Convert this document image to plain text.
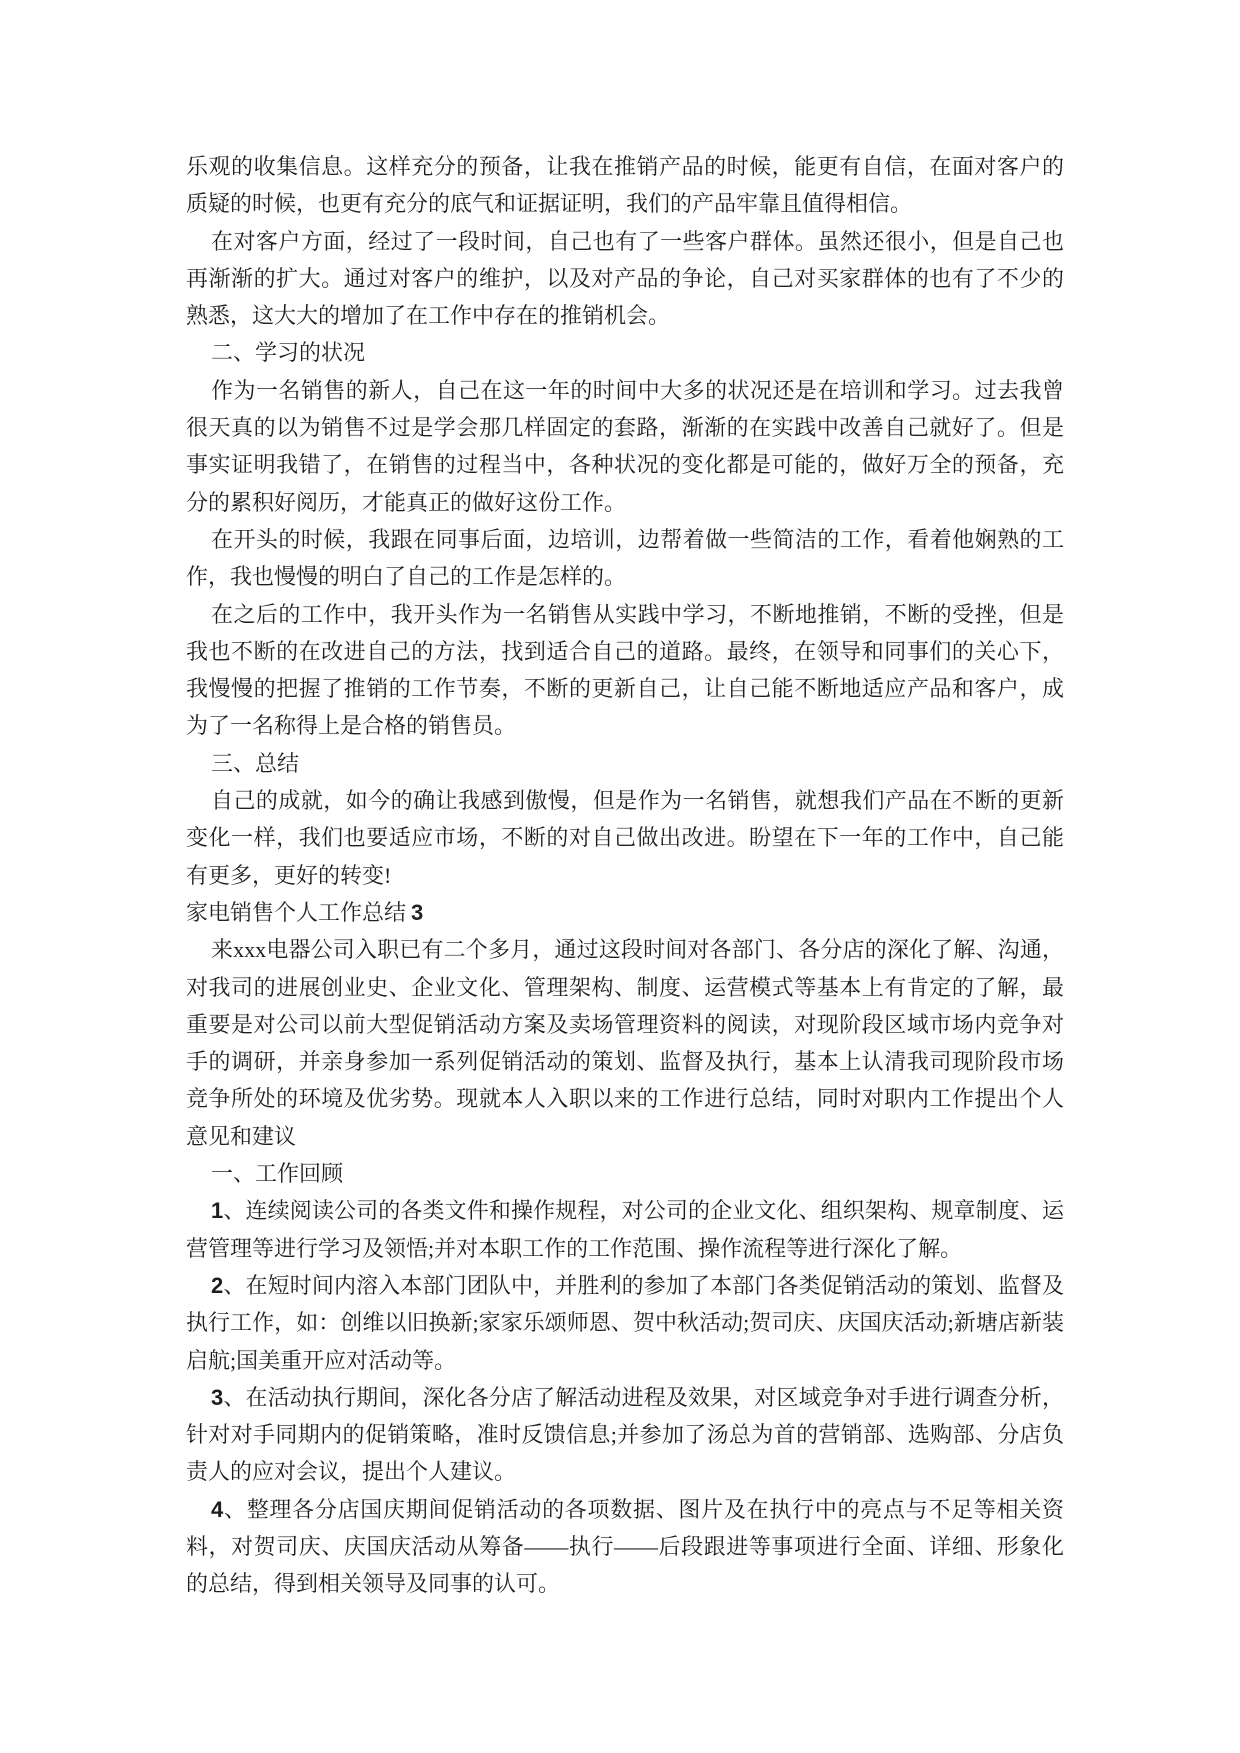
乐观的收集信息。这样充分的预备，让我在推销产品的时候，能更有自信，在面对客户的质疑的时候，也更有充分的底气和证据证明，我们的产品牢靠且值得相信。

在对客户方面，经过了一段时间，自己也有了一些客户群体。虽然还很小，但是自己也再渐渐的扩大。通过对客户的维护，以及对产品的争论，自己对买家群体的也有了不少的熟悉，这大大的增加了在工作中存在的推销机会。

二、学习的状况

作为一名销售的新人，自己在这一年的时间中大多的状况还是在培训和学习。过去我曾很天真的以为销售不过是学会那几样固定的套路，渐渐的在实践中改善自己就好了。但是事实证明我错了，在销售的过程当中，各种状况的变化都是可能的，做好万全的预备，充分的累积好阅历，才能真正的做好这份工作。

在开头的时候，我跟在同事后面，边培训，边帮着做一些简洁的工作，看着他娴熟的工作，我也慢慢的明白了自己的工作是怎样的。

在之后的工作中，我开头作为一名销售从实践中学习，不断地推销，不断的受挫，但是我也不断的在改进自己的方法，找到适合自己的道路。最终，在领导和同事们的关心下，我慢慢的把握了推销的工作节奏，不断的更新自己，让自己能不断地适应产品和客户，成为了一名称得上是合格的销售员。

三、总结

自己的成就，如今的确让我感到傲慢，但是作为一名销售，就想我们产品在不断的更新变化一样，我们也要适应市场，不断的对自己做出改进。盼望在下一年的工作中，自己能有更多，更好的转变!

家电销售个人工作总结 3

来xxx电器公司入职已有二个多月，通过这段时间对各部门、各分店的深化了解、沟通，对我司的进展创业史、企业文化、管理架构、制度、运营模式等基本上有肯定的了解，最重要是对公司以前大型促销活动方案及卖场管理资料的阅读，对现阶段区域市场内竞争对手的调研，并亲身参加一系列促销活动的策划、监督及执行，基本上认清我司现阶段市场竞争所处的环境及优劣势。现就本人入职以来的工作进行总结，同时对职内工作提出个人意见和建议

一、工作回顾

1、连续阅读公司的各类文件和操作规程，对公司的企业文化、组织架构、规章制度、运营管理等进行学习及领悟;并对本职工作的工作范围、操作流程等进行深化了解。

2、在短时间内溶入本部门团队中，并胜利的参加了本部门各类促销活动的策划、监督及执行工作，如：创维以旧换新;家家乐颂师恩、贺中秋活动;贺司庆、庆国庆活动;新塘店新装启航;国美重开应对活动等。

3、在活动执行期间，深化各分店了解活动进程及效果，对区域竞争对手进行调查分析，针对对手同期内的促销策略，准时反馈信息;并参加了汤总为首的营销部、选购部、分店负责人的应对会议，提出个人建议。

4、整理各分店国庆期间促销活动的各项数据、图片及在执行中的亮点与不足等相关资料，对贺司庆、庆国庆活动从筹备——执行——后段跟进等事项进行全面、详细、形象化的总结，得到相关领导及同事的认可。
